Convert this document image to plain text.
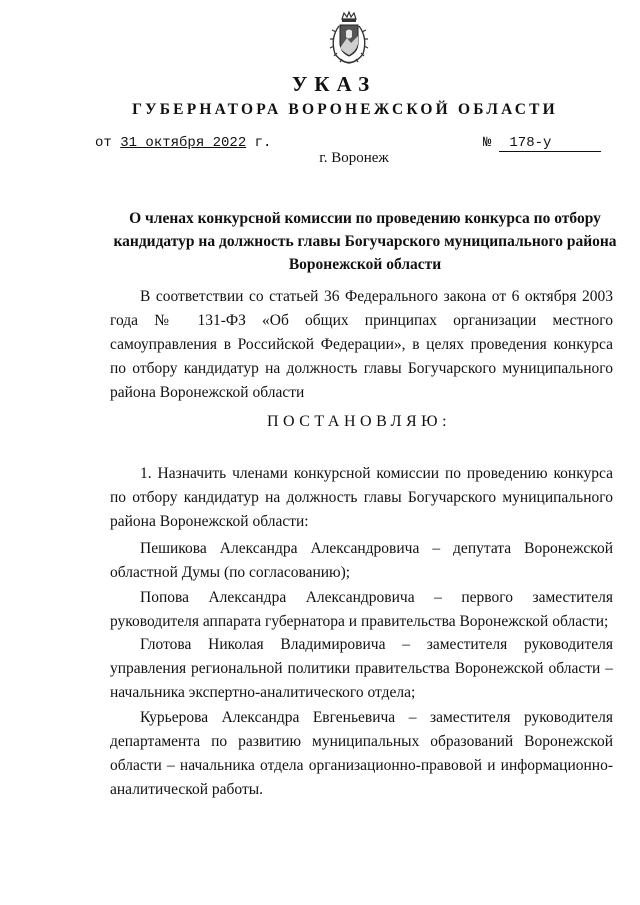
УКАЗ
ГУБЕРНАТОРА ВОРОНЕЖСКОЙ ОБЛАСТИ
от 31 октября 2022 г.	№ 178-у
г. Воронеж
О членах конкурсной комиссии по проведению конкурса по отбору кандидатур на должность главы Богучарского муниципального района Воронежской области
В соответствии со статьей 36 Федерального закона от 6 октября 2003 года № 131-ФЗ «Об общих принципах организации местного самоуправления в Российской Федерации», в целях проведения конкурса по отбору кандидатур на должность главы Богучарского муниципального района Воронежской области
ПОСТАНОВЛЯЮ:
1. Назначить членами конкурсной комиссии по проведению конкурса по отбору кандидатур на должность главы Богучарского муниципального района Воронежской области:
Пешикова Александра Александровича – депутата Воронежской областной Думы (по согласованию);
Попова Александра Александровича – первого заместителя руководителя аппарата губернатора и правительства Воронежской области;
Глотова Николая Владимировича – заместителя руководителя управления региональной политики правительства Воронежской области – начальника экспертно-аналитического отдела;
Курьерова Александра Евгеньевича – заместителя руководителя департамента по развитию муниципальных образований Воронежской области – начальника отдела организационно-правовой и информационно-аналитической работы.
